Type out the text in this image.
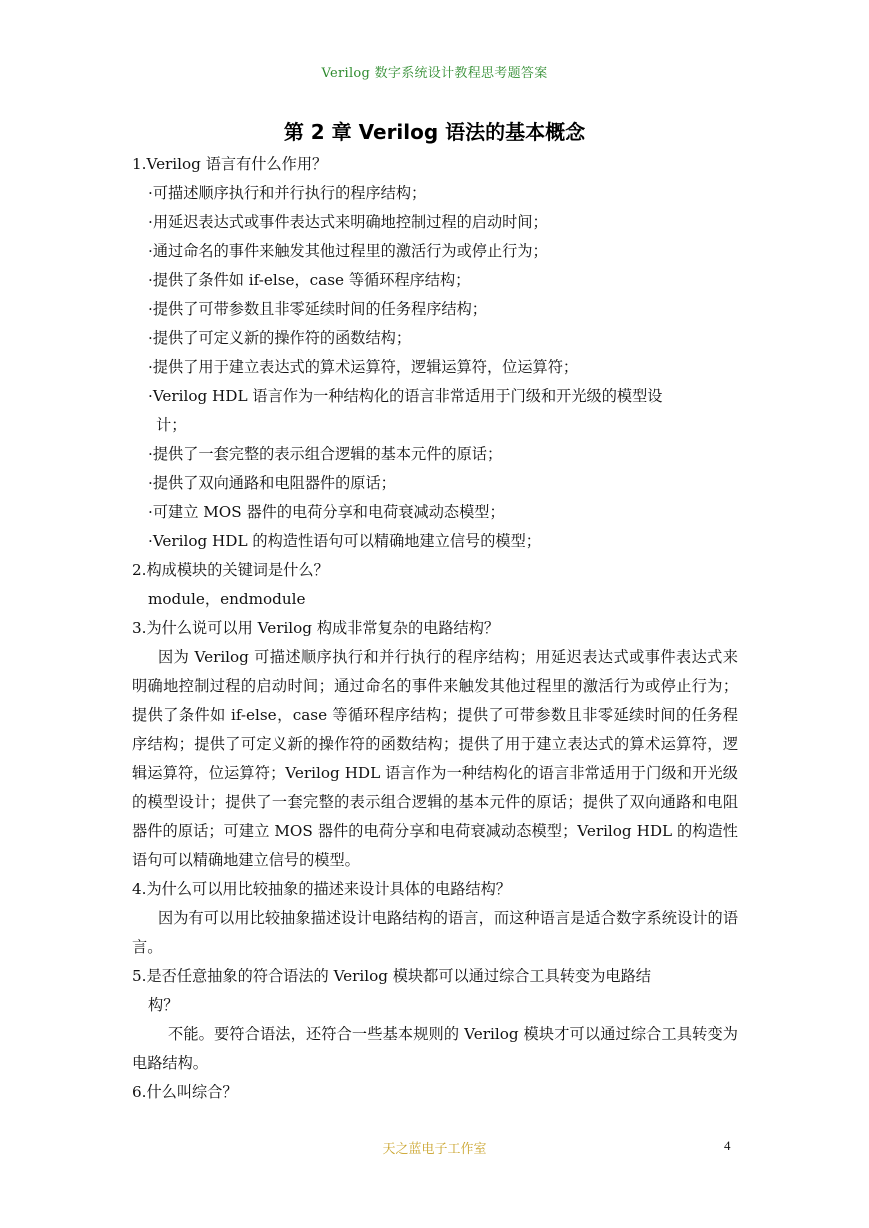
Verilog 数字系统设计教程思考题答案
第 2 章 Verilog 语法的基本概念

1.Verilog 语言有什么作用？

·可描述顺序执行和并行执行的程序结构；

·用延迟表达式或事件表达式来明确地控制过程的启动时间；

·通过命名的事件来触发其他过程里的激活行为或停止行为；

·提供了条件如 if-else，case 等循环程序结构；

·提供了可带参数且非零延续时间的任务程序结构；

·提供了可定义新的操作符的函数结构；

·提供了用于建立表达式的算术运算符，逻辑运算符，位运算符；

·Verilog HDL 语言作为一种结构化的语言非常适用于门级和开光级的模型设

计；

·提供了一套完整的表示组合逻辑的基本元件的原话；

·提供了双向通路和电阻器件的原话；

·可建立 MOS 器件的电荷分享和电荷衰减动态模型；

·Verilog HDL 的构造性语句可以精确地建立信号的模型；

2.构成模块的关键词是什么？

module，endmodule

3.为什么说可以用 Verilog 构成非常复杂的电路结构？

因为 Verilog 可描述顺序执行和并行执行的程序结构；用延迟表达式或事件表达式来明确地控制过程的启动时间；通过命名的事件来触发其他过程里的激活行为或停止行为；提供了条件如 if-else，case 等循环程序结构；提供了可带参数且非零延续时间的任务程序结构；提供了可定义新的操作符的函数结构；提供了用于建立表达式的算术运算符，逻辑运算符，位运算符；Verilog HDL 语言作为一种结构化的语言非常适用于门级和开光级的模型设计；提供了一套完整的表示组合逻辑的基本元件的原话；提供了双向通路和电阻器件的原话；可建立 MOS 器件的电荷分享和电荷衰减动态模型；Verilog HDL 的构造性语句可以精确地建立信号的模型。

4.为什么可以用比较抽象的描述来设计具体的电路结构？

因为有可以用比较抽象描述设计电路结构的语言，而这种语言是适合数字系统设计的语言。

5.是否任意抽象的符合语法的 Verilog 模块都可以通过综合工具转变为电路结

构？

不能。要符合语法，还符合一些基本规则的 Verilog 模块才可以通过综合工具转变为电路结构。

6.什么叫综合？

天之蓝电子工作室	4
